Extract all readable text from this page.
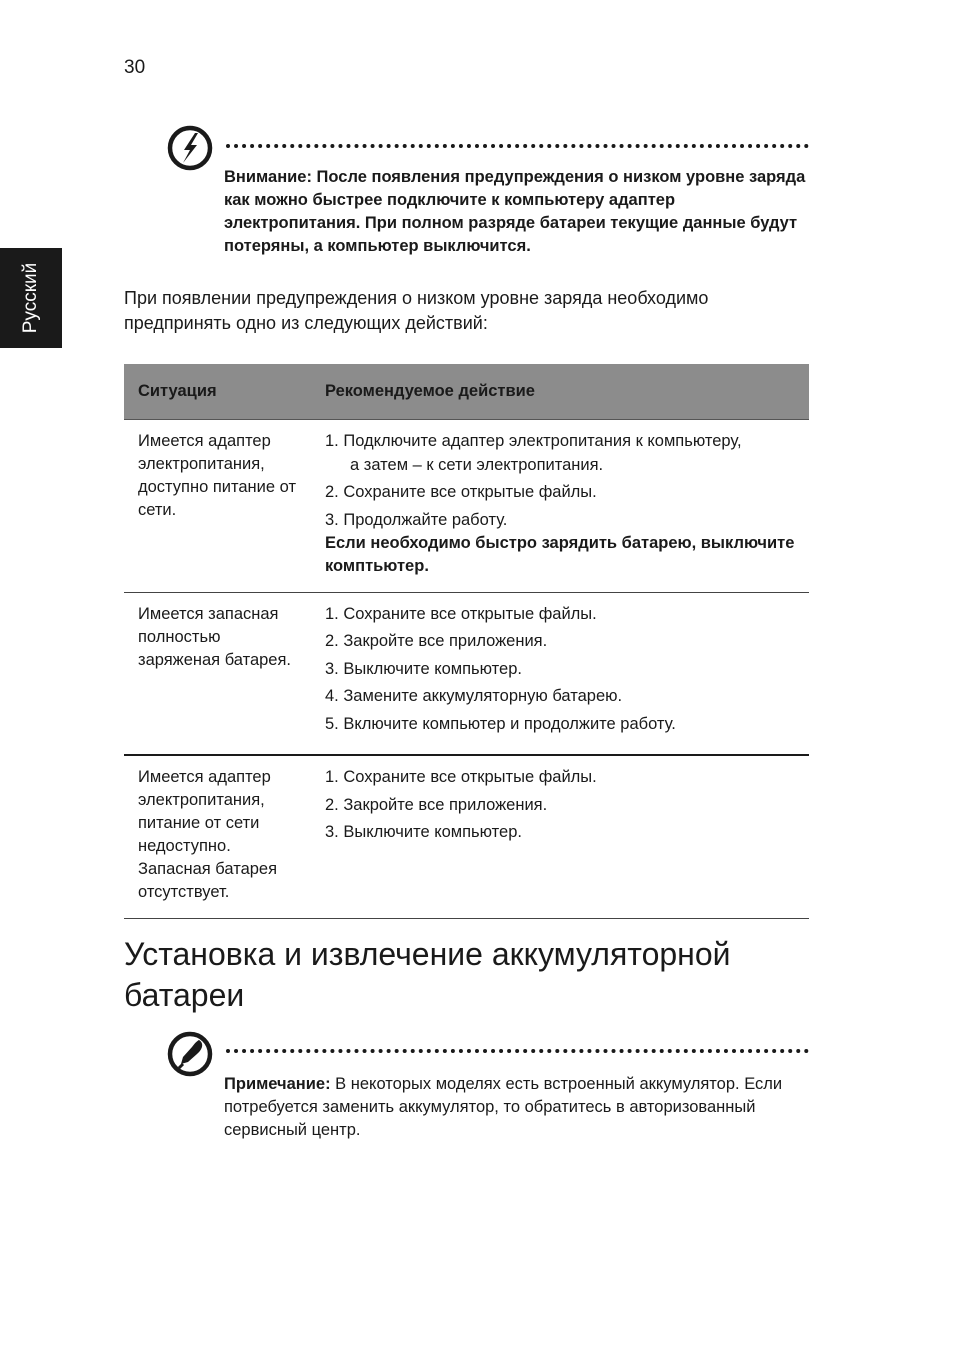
30
Русский
Внимание: После появления предупреждения о низком уровне заряда как можно быстрее подключите к компьютеру адаптер электропитания. При полном разряде батареи текущие данные будут потеряны, а компьютер выключится.
При появлении предупреждения о низком уровне заряда необходимо предпринять одно из следующих действий:
Ситуация	Рекомендуемое действие
Имеется адаптер электропитания, доступно питание от сети.	1. Подключите адаптер электропитания к компьютеру,
а затем – к сети электропитания.
2. Сохраните все открытые файлы.
3. Продолжайте работу.
Если необходимо быстро зарядить батарею, выключите комптьютер.

Имеется запасная полностью заряженая батарея.	1. Сохраните все открытые файлы.
2. Закройте все приложения.
3. Выключите компьютер.
4. Замените аккумуляторную батарею.
5. Включите компьютер и продолжите работу.

Имеется адаптер электропитания, питание от сети недоступно. Запасная батарея отсутствует.	1. Сохраните все открытые файлы.
2. Закройте все приложения.
3. Выключите компьютер.
Установка и извлечение аккумуляторной батареи
Примечание: В некоторых моделях есть встроенный аккумулятор. Если потребуется заменить аккумулятор, то обратитесь в авторизованный сервисный центр.
